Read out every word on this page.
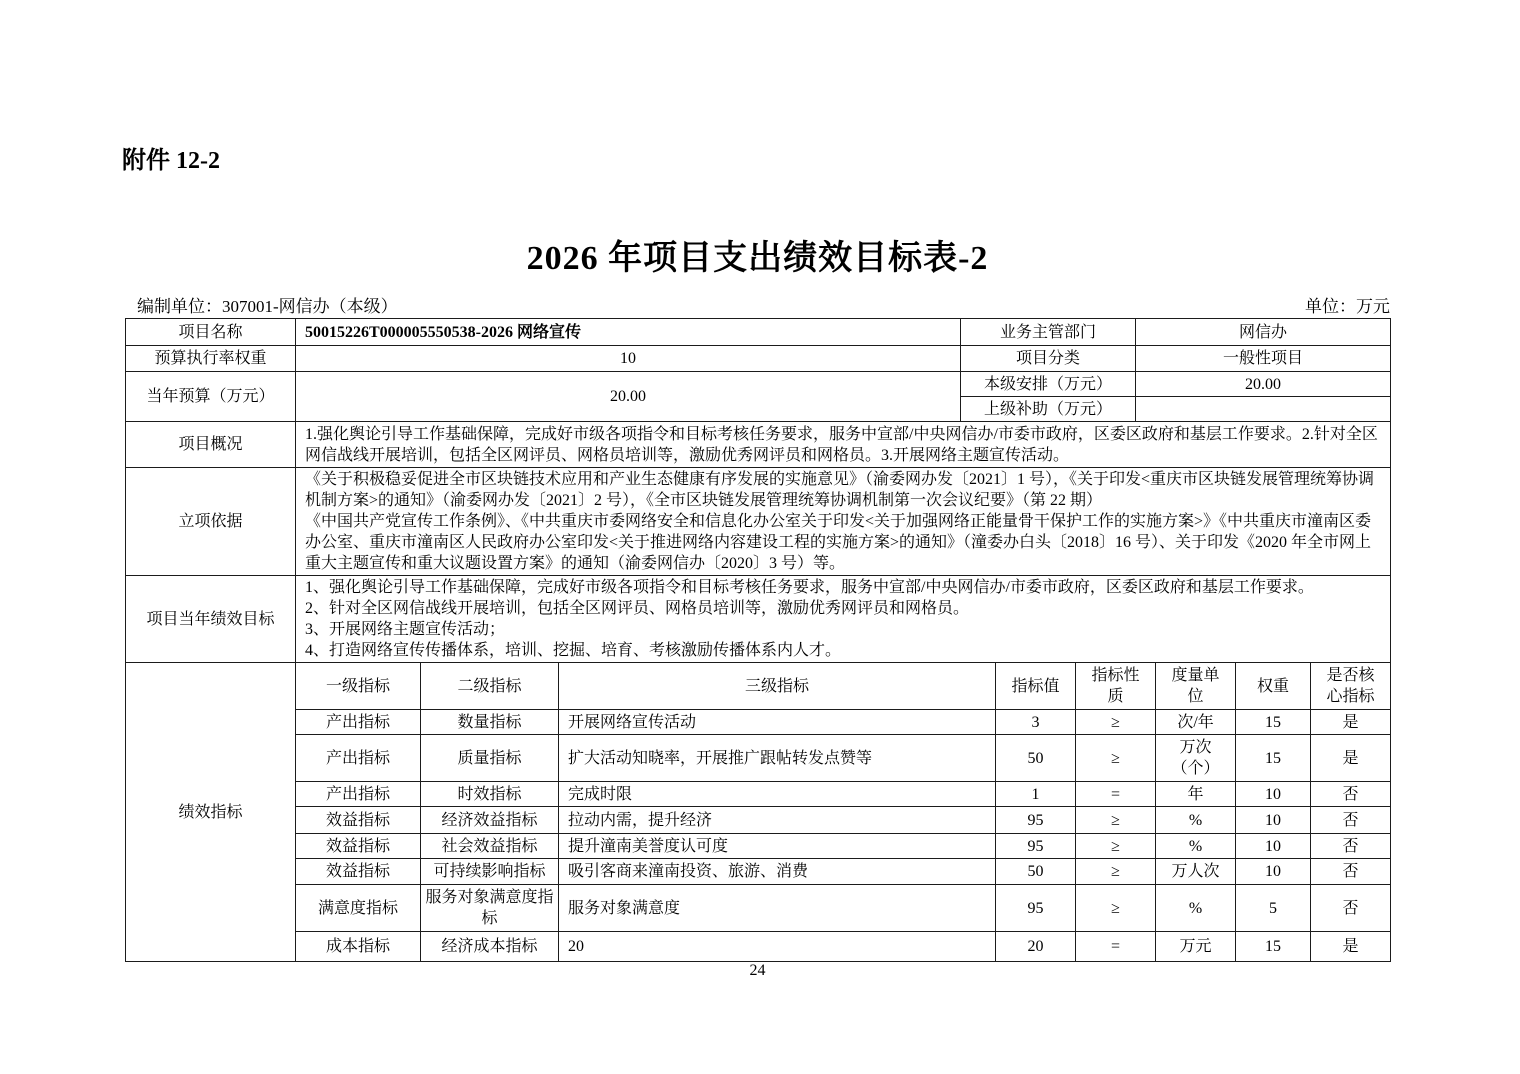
附件 12-2
2026 年项目支出绩效目标表-2
编制单位：307001-网信办（本级）	单位：万元
项目名称	50015226T000005550538-2026 网络宣传			业务主管部门			网信办			
预算执行率权重	10			项目分类			一般性项目			
当年预算（万元）	20.00			本级安排（万元）			20.00			
				上级补助（万元）						
项目概况	1.强化舆论引导工作基础保障，完成好市级各项指令和目标考核任务要求，服务中宣部/中央网信办/市委市政府，区委区政府和基层工作要求。2.针对全区网信战线开展培训，包括全区网评员、网格员培训等，激励优秀网评员和网格员。3.开展网络主题宣传活动。									
立项依据	《关于积极稳妥促进全市区块链技术应用和产业生态健康有序发展的实施意见》（渝委网办发〔2021〕1 号），《关于印发<重庆市区块链发展管理统筹协调机制方案>的通知》（渝委网办发〔2021〕2 号），《全市区块链发展管理统筹协调机制第一次会议纪要》（第 22 期）

《中国共产党宣传工作条例》、《中共重庆市委网络安全和信息化办公室关于印发<关于加强网络正能量骨干保护工作的实施方案>》《中共重庆市潼南区委办公室、重庆市潼南区人民政府办公室印发<关于推进网络内容建设工程的实施方案>的通知》（潼委办白头〔2018〕16 号）、关于印发《2020 年全市网上重大主题宣传和重大议题设置方案》的通知（渝委网信办〔2020〕3 号）等。									

项目当年绩效目标	1、强化舆论引导工作基础保障，完成好市级各项指令和目标考核任务要求，服务中宣部/中央网信办/市委市政府，区委区政府和基层工作要求。

2、针对全区网信战线开展培训，包括全区网评员、网格员培训等，激励优秀网评员和网格员。

3、开展网络主题宣传活动；

4、打造网络宣传传播体系，培训、挖掘、培育、考核激励传播体系内人才。									

绩效指标	一级指标	二级指标	三级指标		指标值	指标性质		度量单位	权重	是否核心指标
	产出指标	数量指标	开展网络宣传活动		3	≥		次/年	15	是
	产出指标	质量指标	扩大活动知晓率，开展推广跟帖转发点赞等		50	≥		万次（个）	15	是
	产出指标	时效指标	完成时限		1	=		年	10	否
	效益指标	经济效益指标	拉动内需，提升经济		95	≥		%	10	否
	效益指标	社会效益指标	提升潼南美誉度认可度		95	≥		%	10	否
	效益指标	可持续影响指标	吸引客商来潼南投资、旅游、消费		50	≥		万人次	10	否
	满意度指标	服务对象满意度指标	服务对象满意度		95	≥		%	5	否
	成本指标	经济成本指标	20		20	=		万元	15	是
24
